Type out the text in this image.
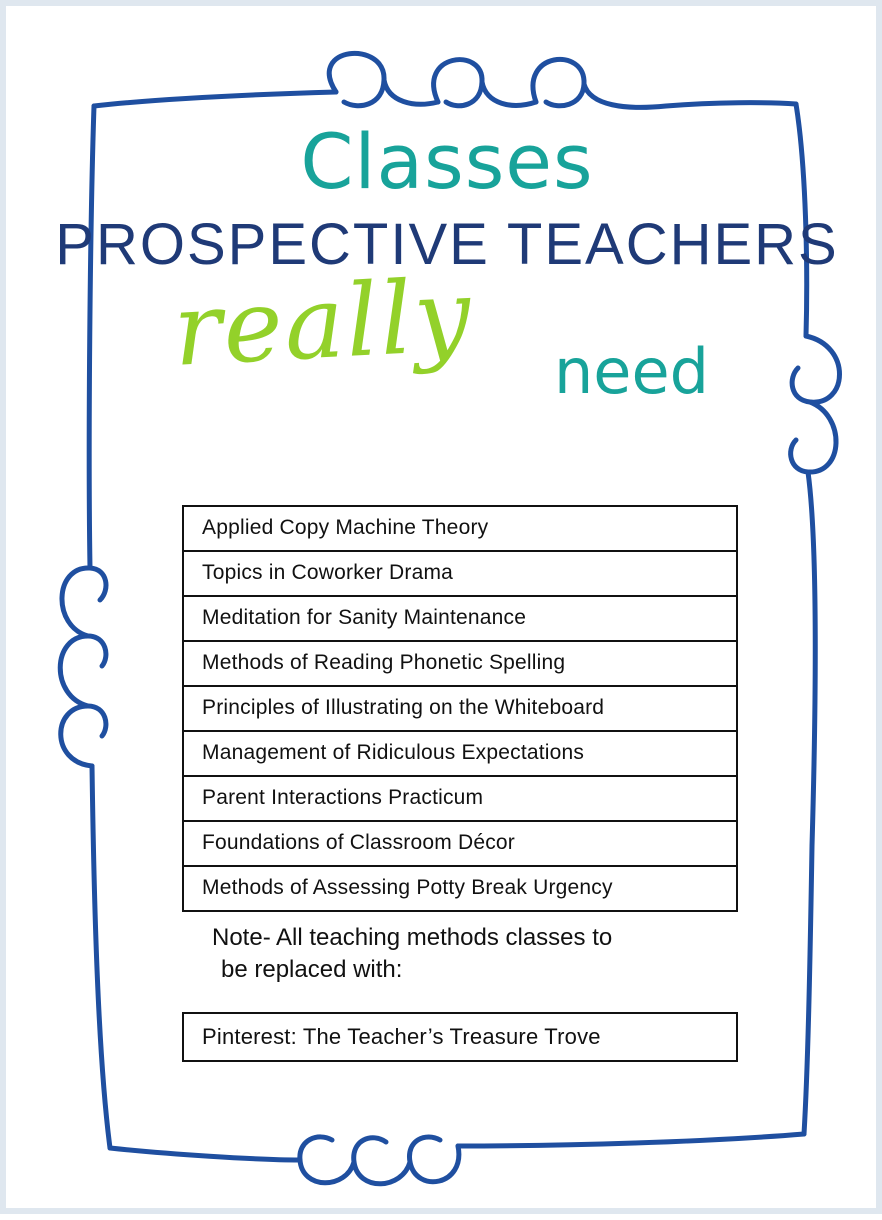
Classes
PROSPECTIVE TEACHERS
really need
Applied Copy Machine Theory
Topics in Coworker Drama
Meditation for Sanity Maintenance
Methods of Reading Phonetic Spelling
Principles of Illustrating on the Whiteboard
Management of Ridiculous Expectations
Parent Interactions Practicum
Foundations of Classroom Décor
Methods of Assessing Potty Break Urgency
Note- All teaching methods classes to
be replaced with:
Pinterest: The Teacher’s Treasure Trove
